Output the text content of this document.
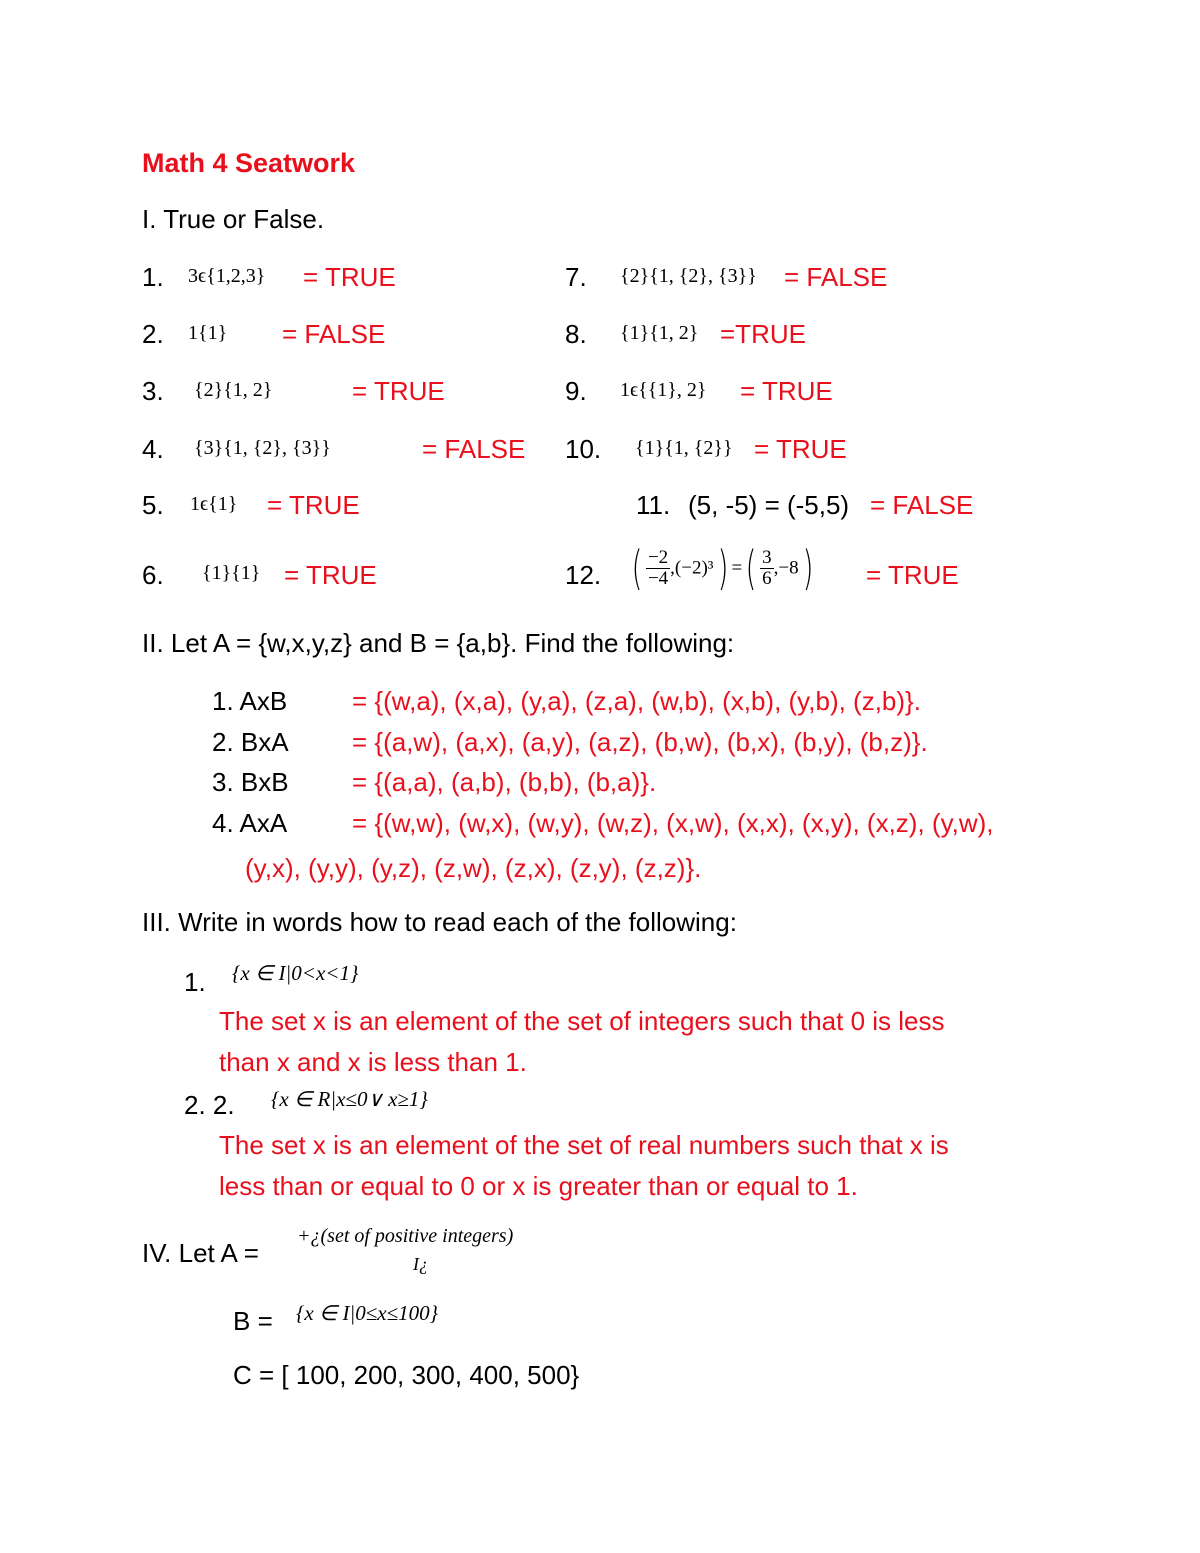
Math 4 Seatwork
I. True or False.
1. 3ϵ{1,2,3} = TRUE
2. 1{1} = FALSE
3. {2}{1, 2}	= TRUE
4. {3}{1, {2}, {3}}	= FALSE
5. 1ϵ{1} = TRUE
6. {1}{1} = TRUE
7. {2}{1, {2}, {3}} = FALSE
8. {1}{1, 2} =TRUE
9. 1ϵ{{1}, 2} = TRUE
10. {1}{1, {2}} = TRUE
11. (5, -5) = (-5,5) = FALSE
12. ( $\frac{-2}{-4} ,(-2)^3$) =( $\frac{3}{6} ,-8$) = TRUE
II. Let A = {w,x,y,z} and B = {a,b}. Find the following:
1. AxB = {(w,a), (x,a), (y,a), (z,a), (w,b), (x,b), (y,b), (z,b)}.
2. BxA = {(a,w), (a,x), (a,y), (a,z), (b,w), (b,x), (b,y), (b,z)}.
3. BxB = {(a,a), (a,b), (b,b), (b,a)}.
4. AxA = {(w,w), (w,x), (w,y), (w,z), (x,w), (x,x), (x,y), (x,z), (y,w),
(y,x), (y,y), (y,z), (z,w), (z,x), (z,y), (z,z)}.
III. Write in words how to read each of the following:
1. {x ∈ I|0<x<1}
The set x is an element of the set of integers such that 0 is less
than x and x is less than 1.
2. 2. {x ∈ R|x≤0∨ x≥1}
The set x is an element of the set of real numbers such that x is
less than or equal to 0 or x is greater than or equal to 1.
IV. Let A =
+¿(set of positive integers)
I¿
B = {x ∈ I|0≤x≤100}
C = [ 100, 200, 300, 400, 500}
